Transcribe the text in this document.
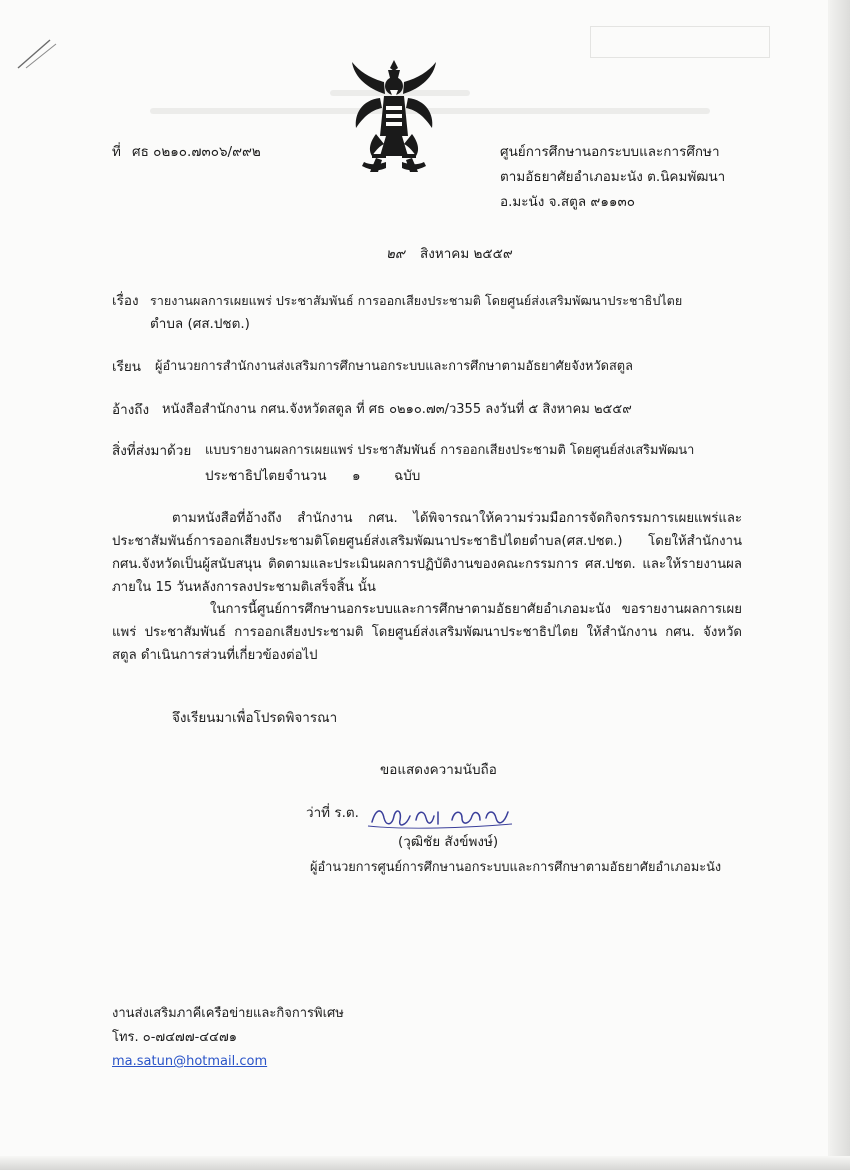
ที่ ศธ ๐๒๑๐.๗๓๐๖/๙๙๒	ศูนย์การศึกษานอกระบบและการศึกษา
ตามอัธยาศัยอำเภอมะนัง ต.นิคมพัฒนา
อ.มะนัง จ.สตูล ๙๑๑๓๐
๒๙ สิงหาคม ๒๕๕๙
เรื่อง รายงานผลการเผยแพร่ ประชาสัมพันธ์ การออกเสียงประชามติ โดยศูนย์ส่งเสริมพัฒนาประชาธิปไตย
ตำบล (ศส.ปชต.)
เรียน ผู้อำนวยการสำนักงานส่งเสริมการศึกษานอกระบบและการศึกษาตามอัธยาศัยจังหวัดสตูล
อ้างถึง หนังสือสำนักงาน กศน.จังหวัดสตูล ที่ ศธ ๐๒๑๐.๗๓/ว355 ลงวันที่ ๕ สิงหาคม ๒๕๕๙
สิ่งที่ส่งมาด้วย แบบรายงานผลการเผยแพร่ ประชาสัมพันธ์ การออกเสียงประชามติ โดยศูนย์ส่งเสริมพัฒนา
ประชาธิปไตยจำนวน ๑ ฉบับ
ตามหนังสือที่อ้างถึง สำนักงาน กศน. ได้พิจารณาให้ความร่วมมือการจัดกิจกรรมการเผยแพร่และประชาสัมพันธ์การออกเสียงประชามติโดยศูนย์ส่งเสริมพัฒนาประชาธิปไตยตำบล(ศส.ปชต.) โดยให้สำนักงาน กศน.จังหวัดเป็นผู้สนับสนุน ติดตามและประเมินผลการปฏิบัติงานของคณะกรรมการ ศส.ปชต. และให้รายงานผล ภายใน 15 วันหลังการลงประชามติเสร็จสิ้น นั้น
ในการนี้ศูนย์การศึกษานอกระบบและการศึกษาตามอัธยาศัยอำเภอมะนัง ขอรายงานผลการเผยแพร่ ประชาสัมพันธ์ การออกเสียงประชามติ โดยศูนย์ส่งเสริมพัฒนาประชาธิปไตย ให้สำนักงาน กศน. จังหวัดสตูล ดำเนินการส่วนที่เกี่ยวข้องต่อไป
จึงเรียนมาเพื่อโปรดพิจารณา
ขอแสดงความนับถือ
ว่าที่ ร.ต.
(วุฒิชัย สังข์พงษ์)
ผู้อำนวยการศูนย์การศึกษานอกระบบและการศึกษาตามอัธยาศัยอำเภอมะนัง
งานส่งเสริมภาคีเครือข่ายและกิจการพิเศษ
โทร. ๐-๗๔๗๗-๔๔๗๑
ma.satun@hotmail.com
